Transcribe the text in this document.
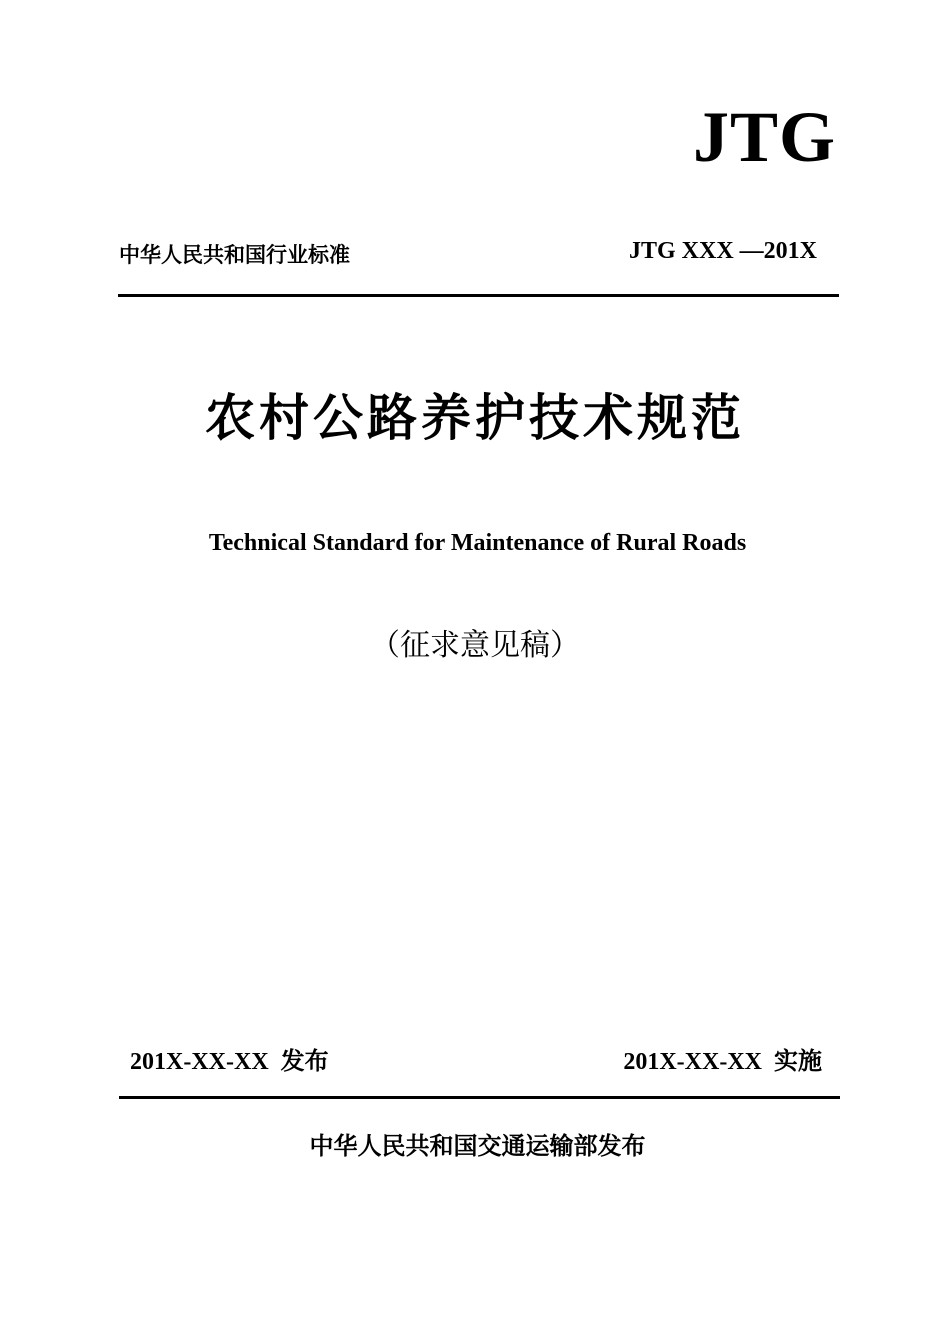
JTG
中华人民共和国行业标准	JTG XXX —201X
农村公路养护技术规范
Technical Standard for Maintenance of Rural Roads
（征求意见稿）
201X-XX-XX  发布	201X-XX-XX  实施
中华人民共和国交通运输部发布
